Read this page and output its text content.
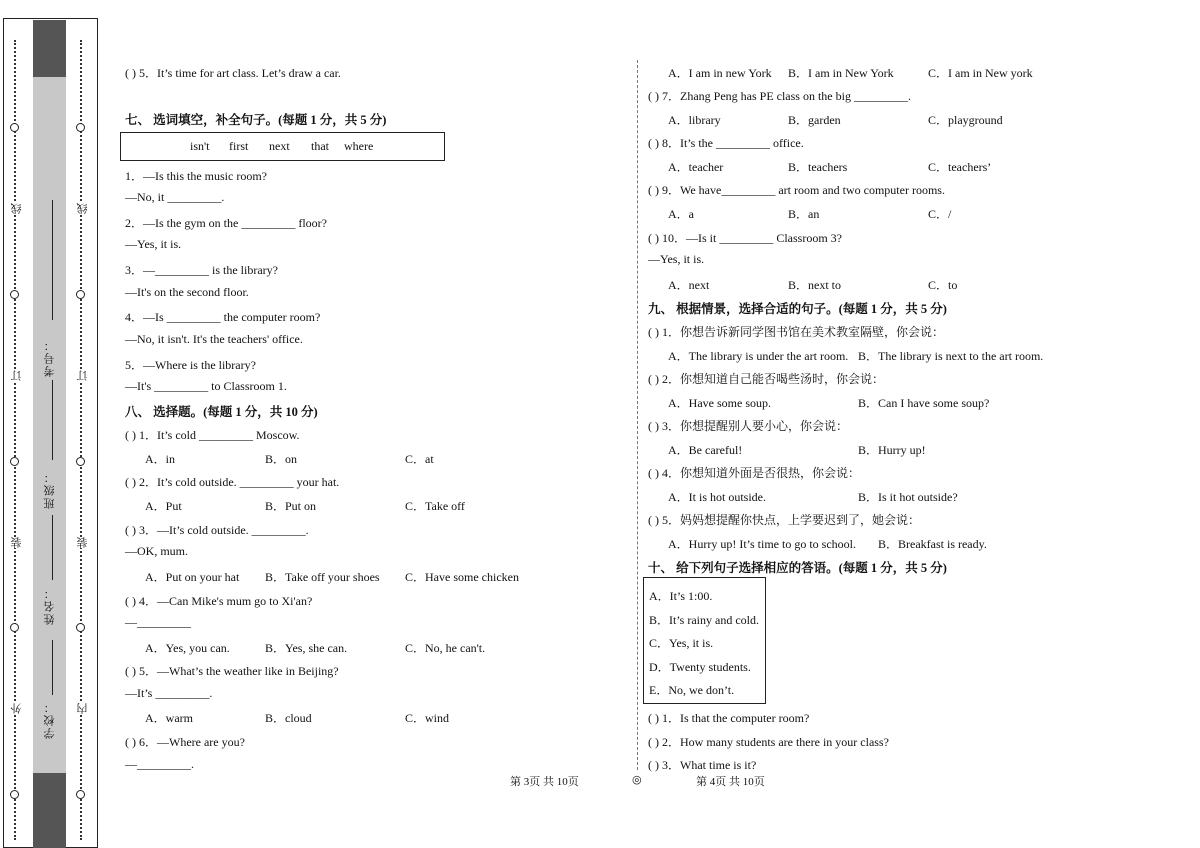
线
订
装
外
线
订
装
内
考号：
班级：
姓名：
学校：
( ) 5．It’s time for art class. Let’s draw a car.
七、 选词填空，补全句子。(每题 1 分，共 5 分)
isn't first next that where
1．—Is this the music room?
—No, it _________.
2．—Is the gym on the _________ floor?
—Yes, it is.
3．—_________ is the library?
—It's on the second floor.
4．—Is _________ the computer room?
—No, it isn't. It's the teachers' office.
5．—Where is the library?
—It's _________ to Classroom 1.
八、 选择题。(每题 1 分，共 10 分)
( ) 1．It’s cold _________ Moscow.
A．in	B．on	C．at
( ) 2．It’s cold outside. _________ your hat.
A．Put	B．Put on	C．Take off
( ) 3．—It’s cold outside. _________.
—OK, mum.
A．Put on your hat B．Take off your shoes C．Have some chicken
( ) 4．—Can Mike's mum go to Xi'an?
—_________
A．Yes, you can.	B．Yes, she can.	C．No, he can't.
( ) 5．—What’s the weather like in Beijing?
—It’s _________.
A．warm	B．cloud	C．wind
( ) 6．—Where are you?
—_________.
第 3页 共 10页	◎
A．I am in new York B．I am in New York	C．I am in New york
( ) 7．Zhang Peng has PE class on the big _________.
A．library	B．garden	C．playground
( ) 8．It’s the _________ office.
A．teacher	B．teachers	C．teachers’
( ) 9．We have_________ art room and two computer rooms.
A．a	B．an	C．/
( ) 10．—Is it _________ Classroom 3?
—Yes, it is.
A．next	B．next to	C．to
九、 根据情景，选择合适的句子。(每题 1 分，共 5 分)
( ) 1．你想告诉新同学图书馆在美术教室隔壁，你会说：
A．The library is under the art room. B．The library is next to the art room.
( ) 2．你想知道自己能否喝些汤时，你会说：
A．Have some soup.	B．Can I have some soup?
( ) 3．你想提醒别人要小心，你会说：
A．Be careful!	B．Hurry up!
( ) 4．你想知道外面是否很热，你会说：
A．It is hot outside.	B．Is it hot outside?
( ) 5．妈妈想提醒你快点，上学要迟到了，她会说：
A．Hurry up! It’s time to go to school. B．Breakfast is ready.
十、 给下列句子选择相应的答语。(每题 1 分，共 5 分)
A．It’s 1:00.
B．It’s rainy and cold.
C．Yes, it is.
D．Twenty students.
E．No, we don’t.
( ) 1．Is that the computer room?
( ) 2．How many students are there in your class?
( ) 3．What time is it?
第 4页 共 10页
